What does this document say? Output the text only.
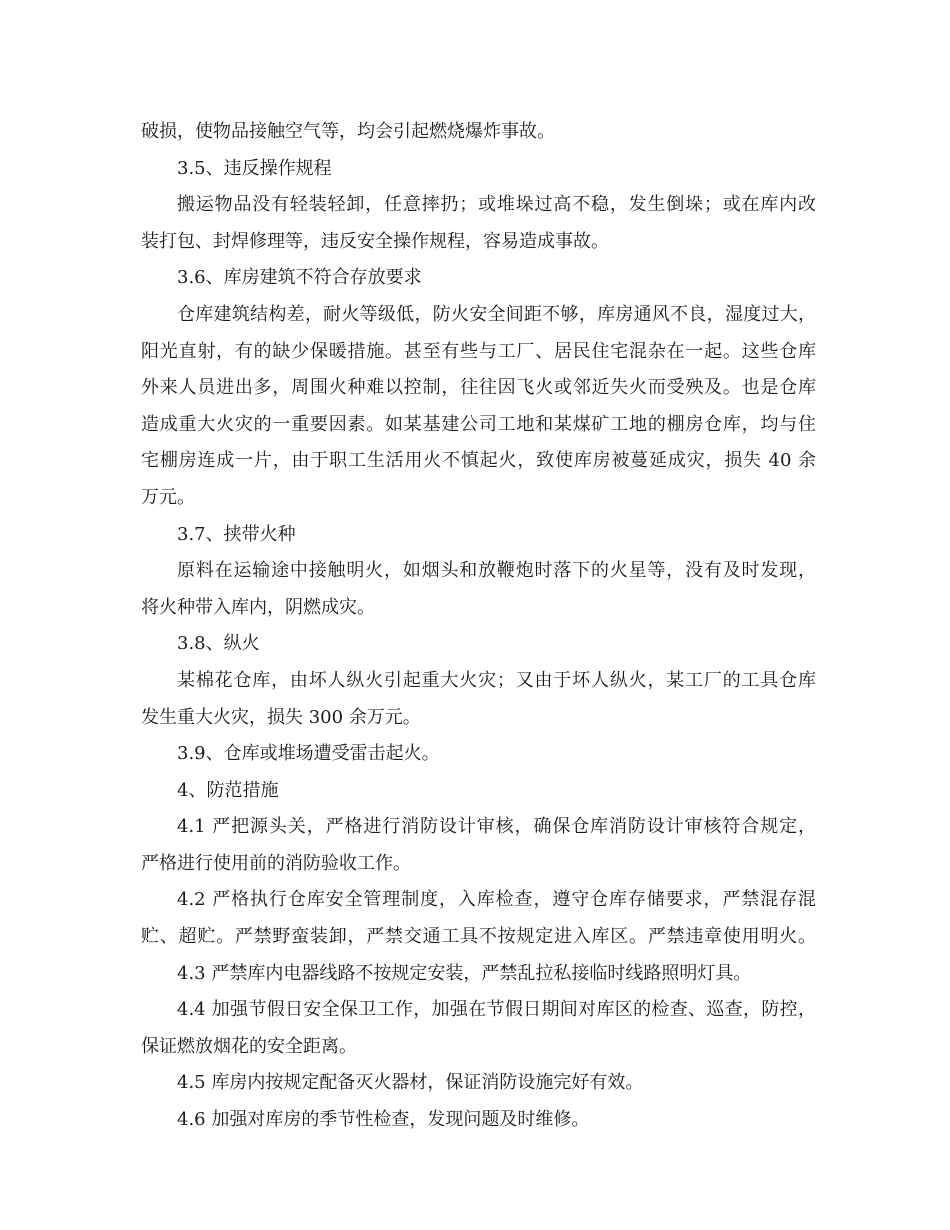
破损，使物品接触空气等，均会引起燃烧爆炸事故。
3.5、违反操作规程
搬运物品没有轻装轻卸，任意摔扔；或堆垛过高不稳，发生倒垛；或在库内改
装打包、封焊修理等，违反安全操作规程，容易造成事故。
3.6、库房建筑不符合存放要求
仓库建筑结构差，耐火等级低，防火安全间距不够，库房通风不良，湿度过大，
阳光直射，有的缺少保暖措施。甚至有些与工厂、居民住宅混杂在一起。这些仓库
外来人员进出多，周围火种难以控制，往往因飞火或邻近失火而受殃及。也是仓库
造成重大火灾的一重要因素。如某基建公司工地和某煤矿工地的棚房仓库，均与住
宅棚房连成一片，由于职工生活用火不慎起火，致使库房被蔓延成灾，损失 40 余
万元。
3.7、挟带火种
原料在运输途中接触明火，如烟头和放鞭炮时落下的火星等，没有及时发现，
将火种带入库内，阴燃成灾。
3.8、纵火
某棉花仓库，由坏人纵火引起重大火灾；又由于坏人纵火，某工厂的工具仓库
发生重大火灾，损失 300 余万元。
3.9、仓库或堆场遭受雷击起火。
4、防范措施
4.1 严把源头关，严格进行消防设计审核，确保仓库消防设计审核符合规定，
严格进行使用前的消防验收工作。
4.2 严格执行仓库安全管理制度，入库检查，遵守仓库存储要求，严禁混存混
贮、超贮。严禁野蛮装卸，严禁交通工具不按规定进入库区。严禁违章使用明火。
4.3 严禁库内电器线路不按规定安装，严禁乱拉私接临时线路照明灯具。
4.4 加强节假日安全保卫工作，加强在节假日期间对库区的检查、巡查，防控，
保证燃放烟花的安全距离。
4.5 库房内按规定配备灭火器材，保证消防设施完好有效。
4.6 加强对库房的季节性检查，发现问题及时维修。
